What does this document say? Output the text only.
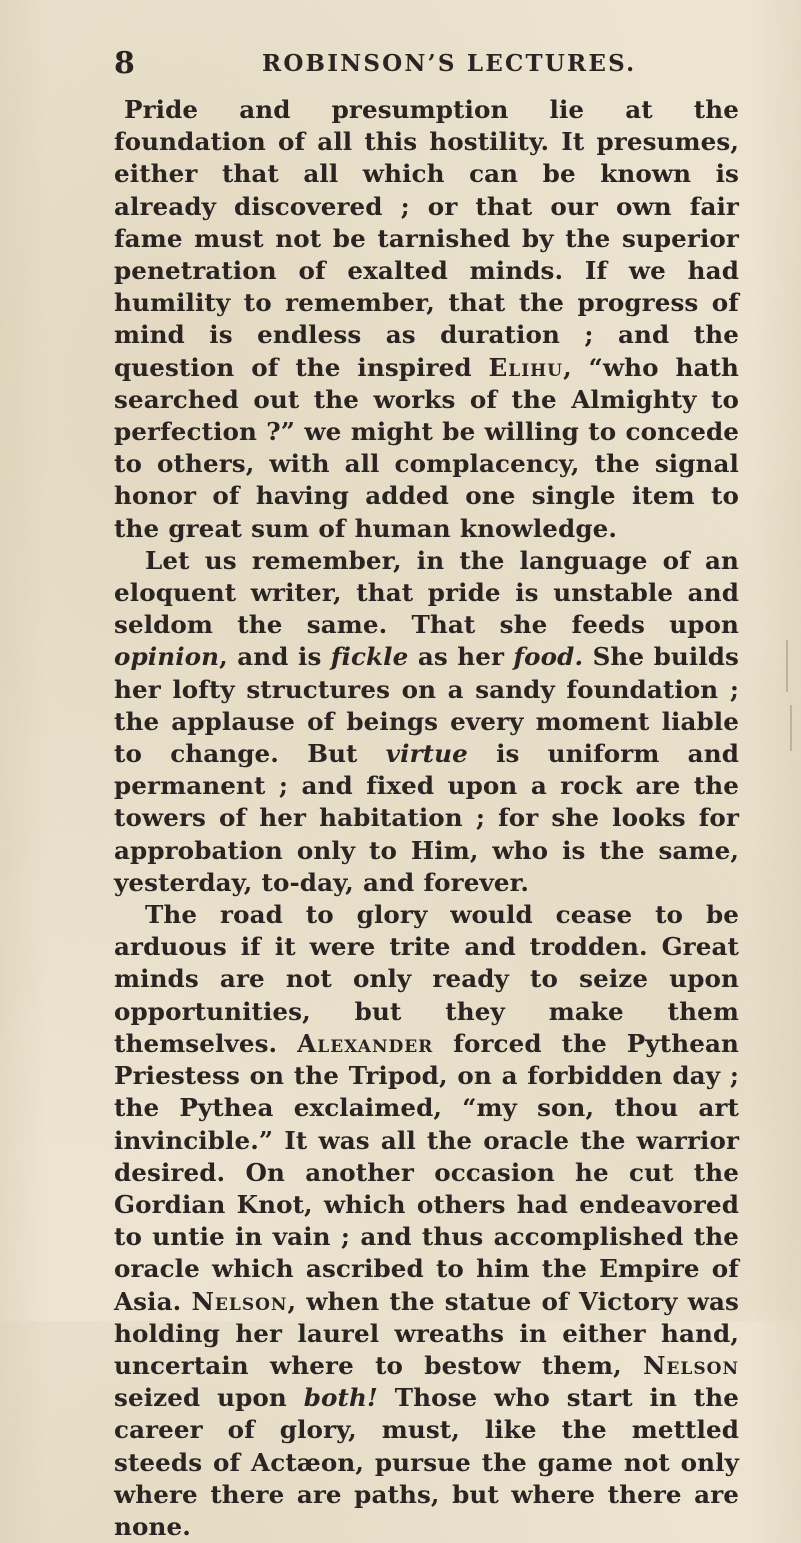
8	ROBINSON’S LECTURES.

Pride and presumption lie at the foundation of all this hostility. It presumes, either that all which can be known is already discovered ; or that our own fair fame must not be tarnished by the superior penetration of exalted minds. If we had humility to remember, that the progress of mind is endless as duration ; and the question of the inspired Elihu, “who hath searched out the works of the Almighty to perfection ?” we might be willing to concede to others, with all complacency, the signal honor of having added one single item to the great sum of human knowledge.

Let us remember, in the language of an eloquent writer, that pride is unstable and seldom the same. That she feeds upon opinion, and is fickle as her food. She builds her lofty structures on a sandy foundation ; the applause of beings every moment liable to change. But virtue is uniform and permanent ; and fixed upon a rock are the towers of her habitation ; for she looks for approbation only to Him, who is the same, yesterday, to-day, and forever.

The road to glory would cease to be arduous if it were trite and trodden. Great minds are not only ready to seize upon opportunities, but they make them themselves. Alexander forced the Pythean Priestess on the Tripod, on a forbidden day ; the Pythea exclaimed, “my son, thou art invincible.” It was all the oracle the warrior desired. On another occasion he cut the Gordian Knot, which others had endeavored to untie in vain ; and thus accomplished the oracle which ascribed to him the Empire of Asia. Nelson, when the statue of Victory was holding her laurel wreaths in either hand, uncertain where to bestow them, Nelson seized upon both! Those who start in the career of glory, must, like the mettled steeds of Actæon, pursue the game not only where there are paths, but where there are none.
